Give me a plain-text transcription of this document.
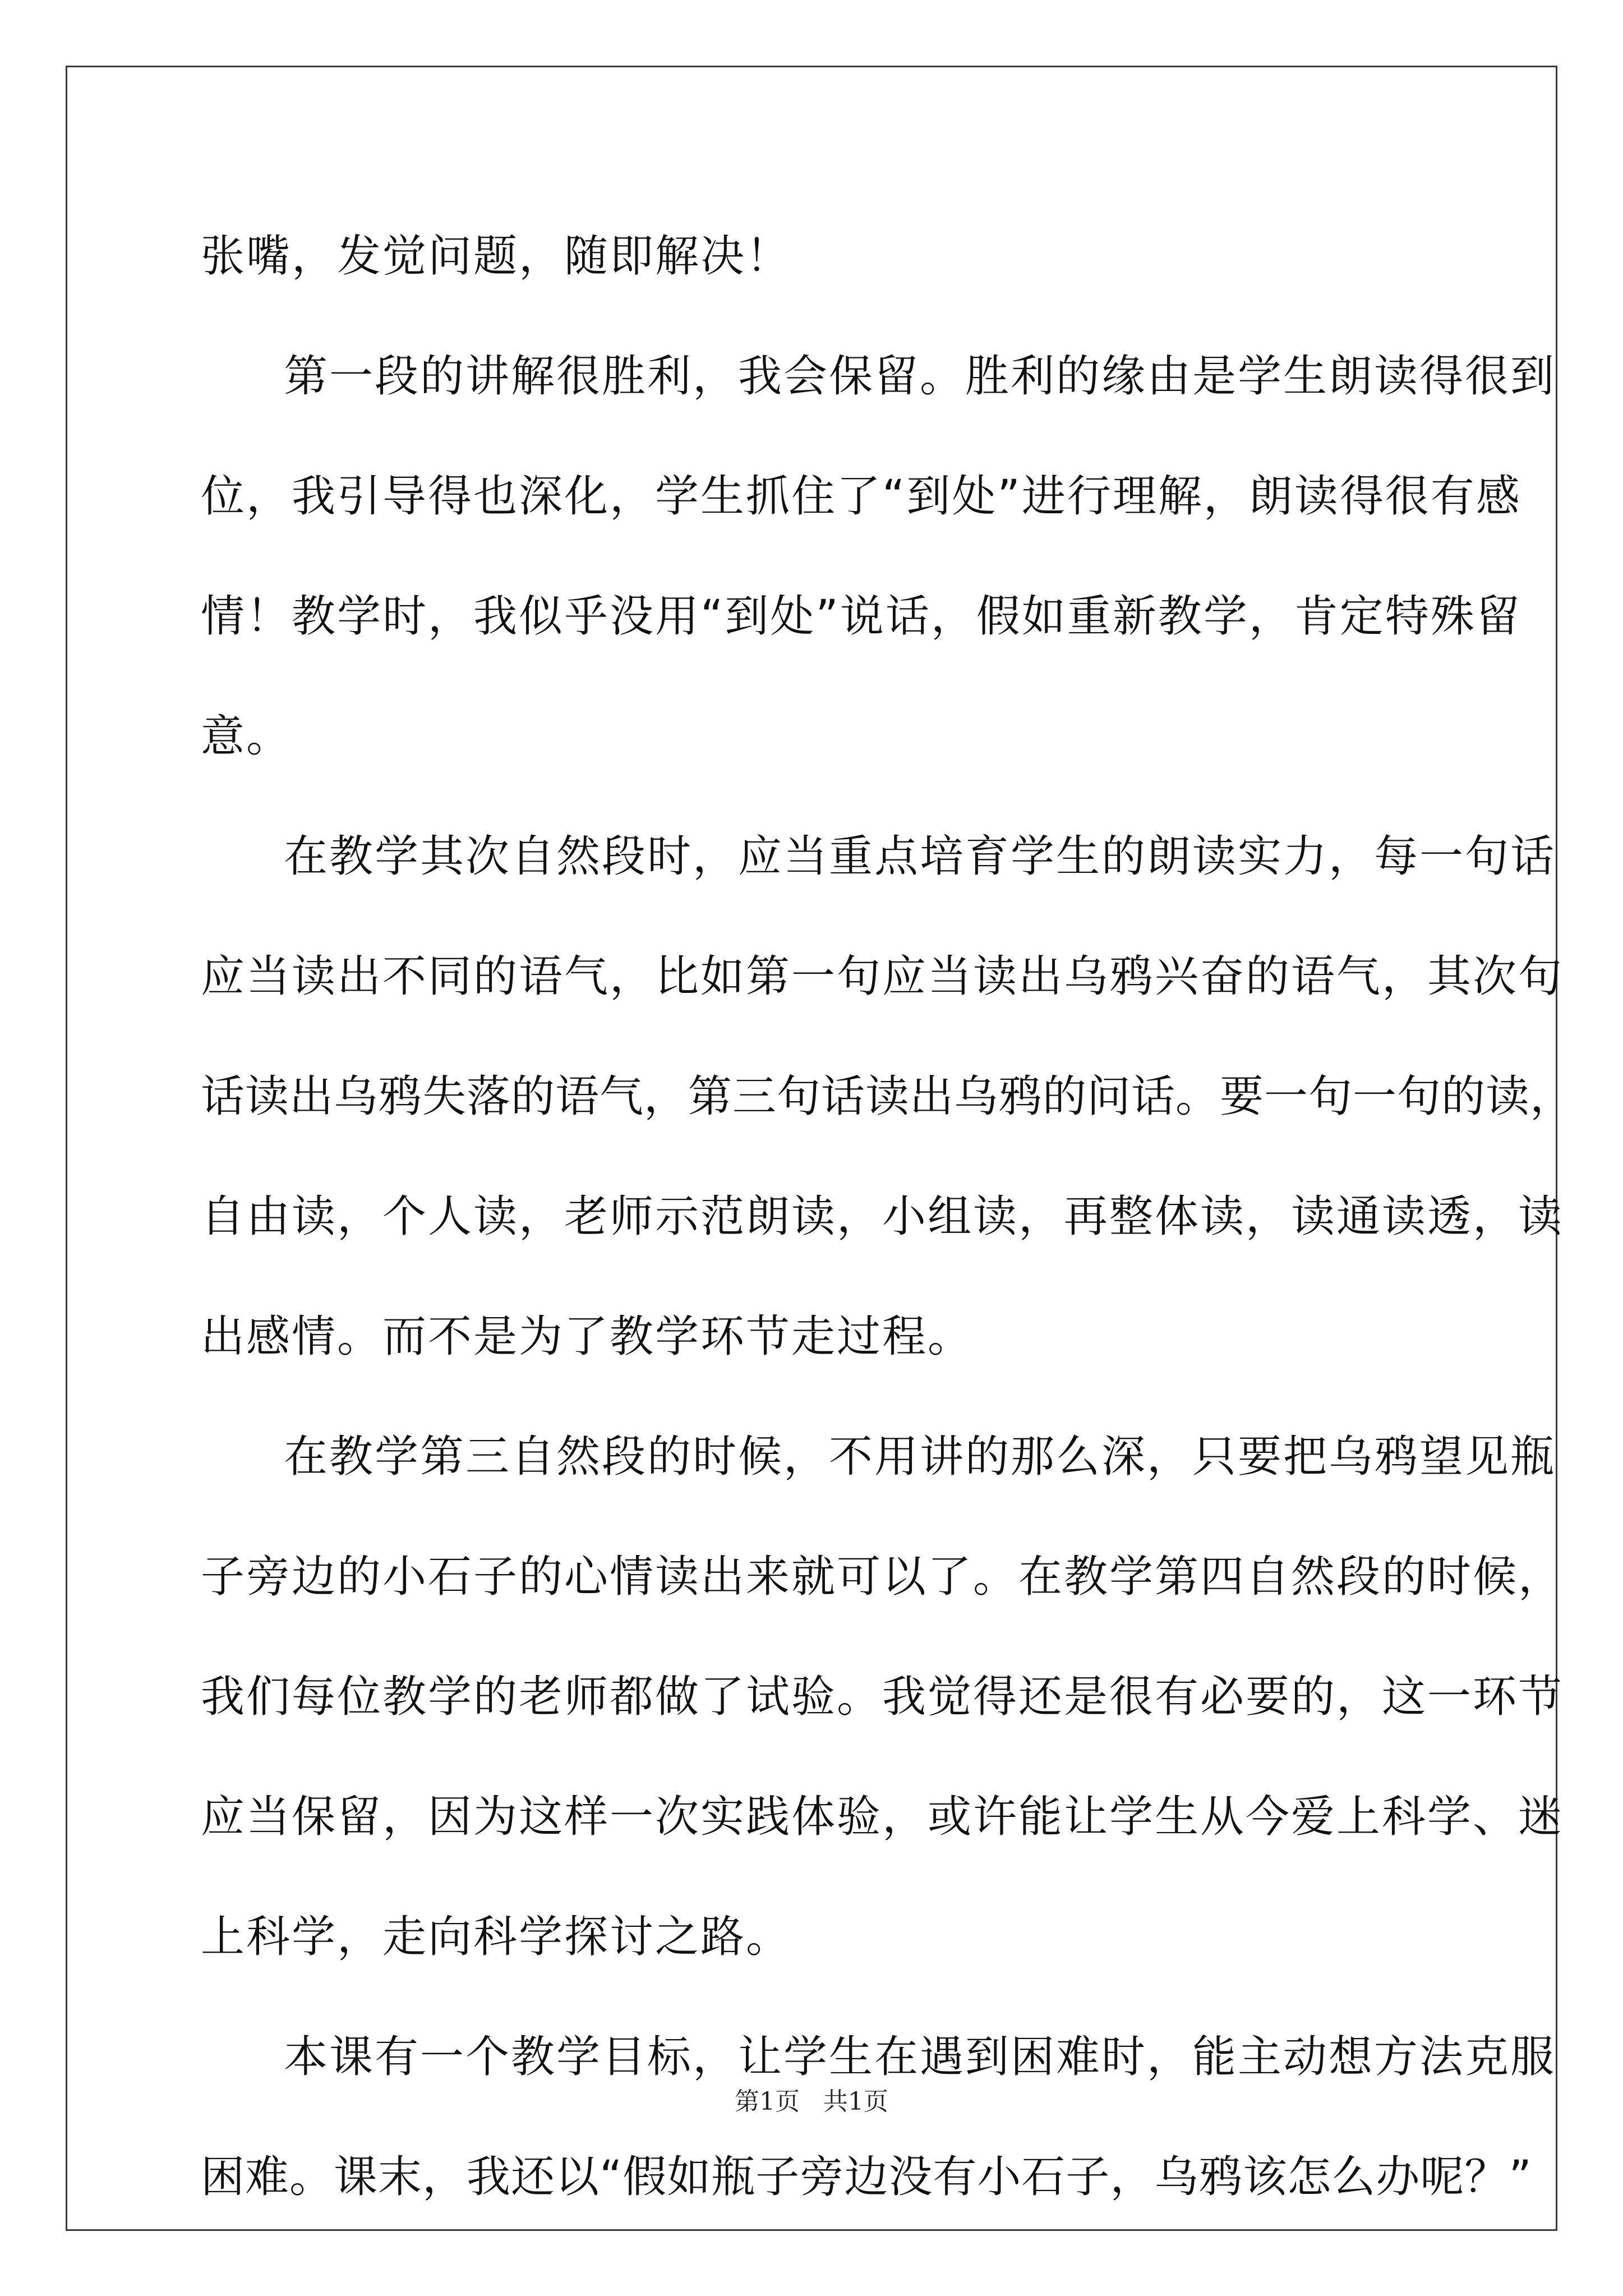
张嘴，发觉问题，随即解决！
第一段的讲解很胜利，我会保留。胜利的缘由是学生朗读得很到
位，我引导得也深化，学生抓住了“到处”进行理解，朗读得很有感
情！教学时，我似乎没用“到处”说话，假如重新教学，肯定特殊留
意。
在教学其次自然段时，应当重点培育学生的朗读实力，每一句话
应当读出不同的语气，比如第一句应当读出乌鸦兴奋的语气，其次句
话读出乌鸦失落的语气，第三句话读出乌鸦的问话。要一句一句的读，
自由读，个人读，老师示范朗读，小组读，再整体读，读通读透，读
出感情。而不是为了教学环节走过程。
在教学第三自然段的时候，不用讲的那么深，只要把乌鸦望见瓶
子旁边的小石子的心情读出来就可以了。在教学第四自然段的时候，
我们每位教学的老师都做了试验。我觉得还是很有必要的，这一环节
应当保留，因为这样一次实践体验，或许能让学生从今爱上科学、迷
上科学，走向科学探讨之路。
本课有一个教学目标，让学生在遇到困难时，能主动想方法克服
困难。课末，我还以“假如瓶子旁边没有小石子，乌鸦该怎么办呢？”
第1页   共1页
